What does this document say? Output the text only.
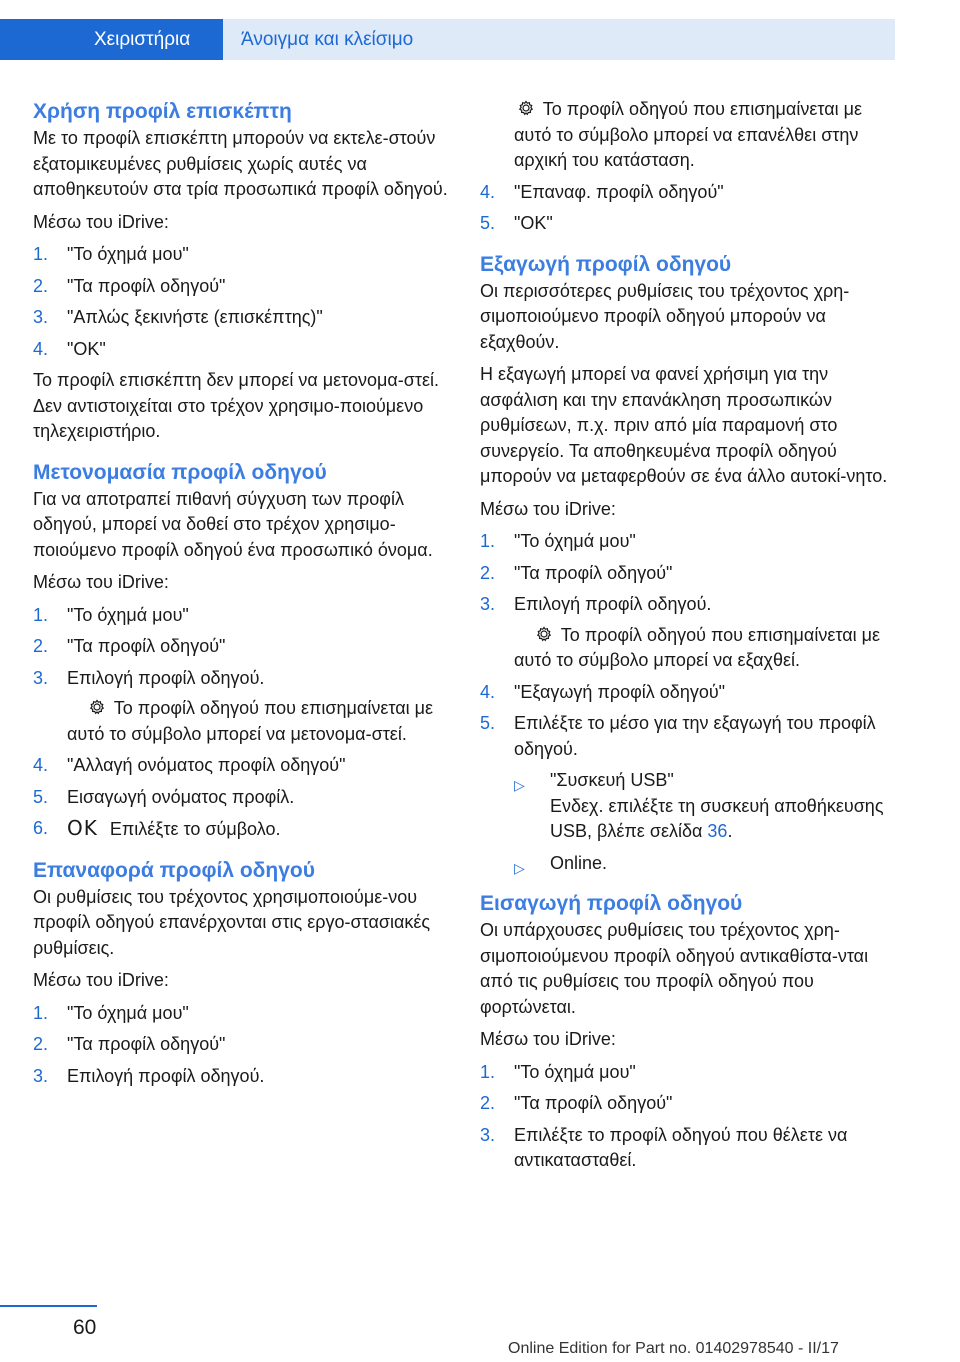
Χειριστήρια	Άνοιγμα και κλείσιμο
Χρήση προφίλ επισκέπτη

Με το προφίλ επισκέπτη μπορούν να εκτελε-στούν εξατομικευμένες ρυθμίσεις χωρίς αυτές να αποθηκευτούν στα τρία προσωπικά προφίλ οδηγού.

Μέσω του iDrive:

1. "Το όχημά μου"
2. "Τα προφίλ οδηγού"
3. "Απλώς ξεκινήστε (επισκέπτης)"
4. "OK"

Το προφίλ επισκέπτη δεν μπορεί να μετονομα-στεί. Δεν αντιστοιχείται στο τρέχον χρησιμο-ποιούμενο τηλεχειριστήριο.

Μετονομασία προφίλ οδηγού

Για να αποτραπεί πιθανή σύγχυση των προφίλ οδηγού, μπορεί να δοθεί στο τρέχον χρησιμο-ποιούμενο προφίλ οδηγού ένα προσωπικό όνομα.

Μέσω του iDrive:

1. "Το όχημά μου"
2. "Τα προφίλ οδηγού"
3. Επιλογή προφίλ οδηγού.
Το προφίλ οδηγού που επισημαίνεται με αυτό το σύμβολο μπορεί να μετονομα-στεί.
4. "Αλλαγή ονόματος προφίλ οδηγού"
5. Εισαγωγή ονόματος προφίλ.
6. OK Επιλέξτε το σύμβολο.
Επαναφορά προφίλ οδηγού

Οι ρυθμίσεις του τρέχοντος χρησιμοποιούμε-νου προφίλ οδηγού επανέρχονται στις εργο-στασιακές ρυθμίσεις.

Μέσω του iDrive:

1. "Το όχημά μου"
2. "Τα προφίλ οδηγού"
3. Επιλογή προφίλ οδηγού.
Το προφίλ οδηγού που επισημαίνεται με αυτό το σύμβολο μπορεί να επανέλθει στην αρχική του κατάσταση.
4. "Επαναφ. προφίλ οδηγού"
5. "OK"
Εξαγωγή προφίλ οδηγού

Οι περισσότερες ρυθμίσεις του τρέχοντος χρη-σιμοποιούμενο προφίλ οδηγού μπορούν να εξαχθούν.

Η εξαγωγή μπορεί να φανεί χρήσιμη για την ασφάλιση και την επανάκληση προσωπικών ρυθμίσεων, π.χ. πριν από μία παραμονή στο συνεργείο. Τα αποθηκευμένα προφίλ οδηγού μπορούν να μεταφερθούν σε ένα άλλο αυτοκί-νητο.

Μέσω του iDrive:

1. "Το όχημά μου"
2. "Τα προφίλ οδηγού"
3. Επιλογή προφίλ οδηγού.
Το προφίλ οδηγού που επισημαίνεται με αυτό το σύμβολο μπορεί να εξαχθεί.
4. "Εξαγωγή προφίλ οδηγού"
5. Επιλέξτε το μέσο για την εξαγωγή του προφίλ οδηγού.
▷ "Συσκευή USB"
Ενδεχ. επιλέξτε τη συσκευή αποθήκευσης USB, βλέπε σελίδα 36.
▷ Online.
Εισαγωγή προφίλ οδηγού

Οι υπάρχουσες ρυθμίσεις του τρέχοντος χρη-σιμοποιούμενου προφίλ οδηγού αντικαθίστα-νται από τις ρυθμίσεις του προφίλ οδηγού που φορτώνεται.

Μέσω του iDrive:

1. "Το όχημά μου"
2. "Τα προφίλ οδηγού"
3. Επιλέξτε το προφίλ οδηγού που θέλετε να αντικατασταθεί.
60
Online Edition for Part no. 01402978540 - II/17
